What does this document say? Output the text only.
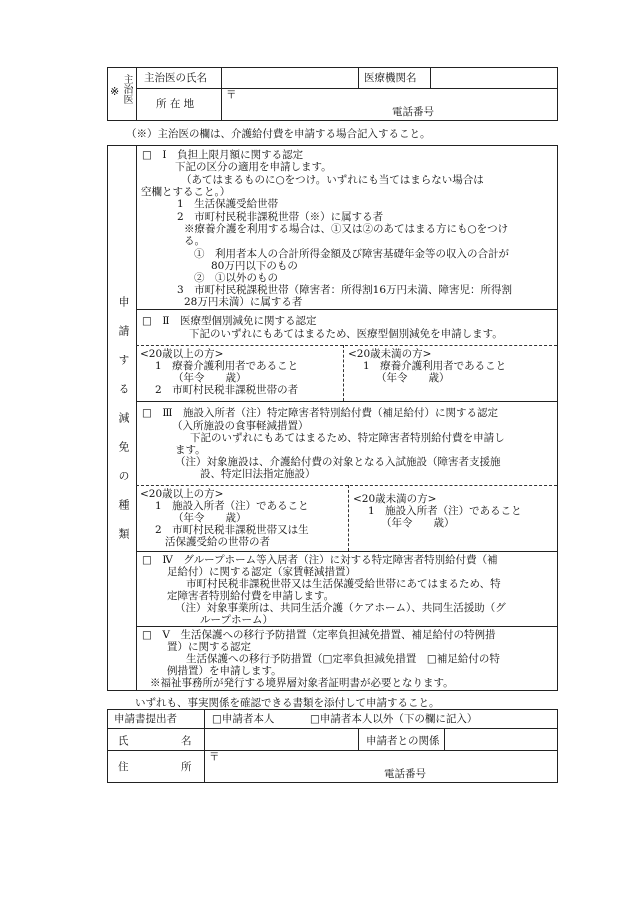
※ 主治医 主治医の氏名	医療機関名
所 在 地
〒
電話番号
（※）主治医の欄は、介護給付費を申請する場合記入すること。
申請する減免の種類
□　Ⅰ　負担上限月額に関する認定
下記の区分の適用を申請します。
（あてはまるものに○をつけ。いずれにも当てはまらない場合は
空欄とすること。）
1　生活保護受給世帯
2　市町村民税非課税世帯（※）に属する者
※療養介護を利用する場合は、①又は②のあてはまる方にも○をつけ
る。
①　利用者本人の合計所得金額及び障害基礎年金等の収入の合計が
80万円以下のもの
②　①以外のもの
3　市町村民税課税世帯（障害者：所得割16万円未満、障害児：所得割
28万円未満）に属する者
□　Ⅱ　医療型個別減免に関する認定
下記のいずれにもあてはまるため、医療型個別減免を申請します。
<20歳以上の方>
1　療養介護利用者であること
（年令　　歳）
2　市町村民税非課税世帯の者
<20歳未満の方>
1　療養介護利用者であること
（年令　　歳）
□　Ⅲ　施設入所者（注）特定障害者特別給付費（補足給付）に関する認定
（入所施設の食事軽減措置）
下記のいずれにもあてはまるため、特定障害者特別給付費を申請し
ます。
（注）対象施設は、介護給付費の対象となる入試施設（障害者支援施
設、特定旧法指定施設）
<20歳以上の方>
1　施設入所者（注）であること
（年令　　歳）
2　市町村民税非課税世帯又は生
活保護受給の世帯の者
<20歳未満の方>
1　施設入所者（注）であること
（年令　　歳）
□　Ⅳ　グループホーム等入居者（注）に対する特定障害者特別給付費（補
足給付）に関する認定（家賃軽減措置）
市町村民税非課税世帯又は生活保護受給世帯にあてはまるため、特
定障害者特別給付費を申請します。
（注）対象事業所は、共同生活介護（ケアホーム）、共同生活援助（グ
ループホーム）
□　Ⅴ　生活保護への移行予防措置（定率負担減免措置、補足給付の特例措
置）に関する認定
生活保護への移行予防措置（□定率負担減免措置　□補足給付の特
例措置）を申請します。
※福祉事務所が発行する境界層対象者証明書が必要となります。
いずれも、事実関係を確認できる書類を添付して申請すること。
申請書提出者	□申請者本人	□申請者本人以外（下の欄に記入）
氏　　　　　名	申請者との関係
住　　　　　所
〒
電話番号
